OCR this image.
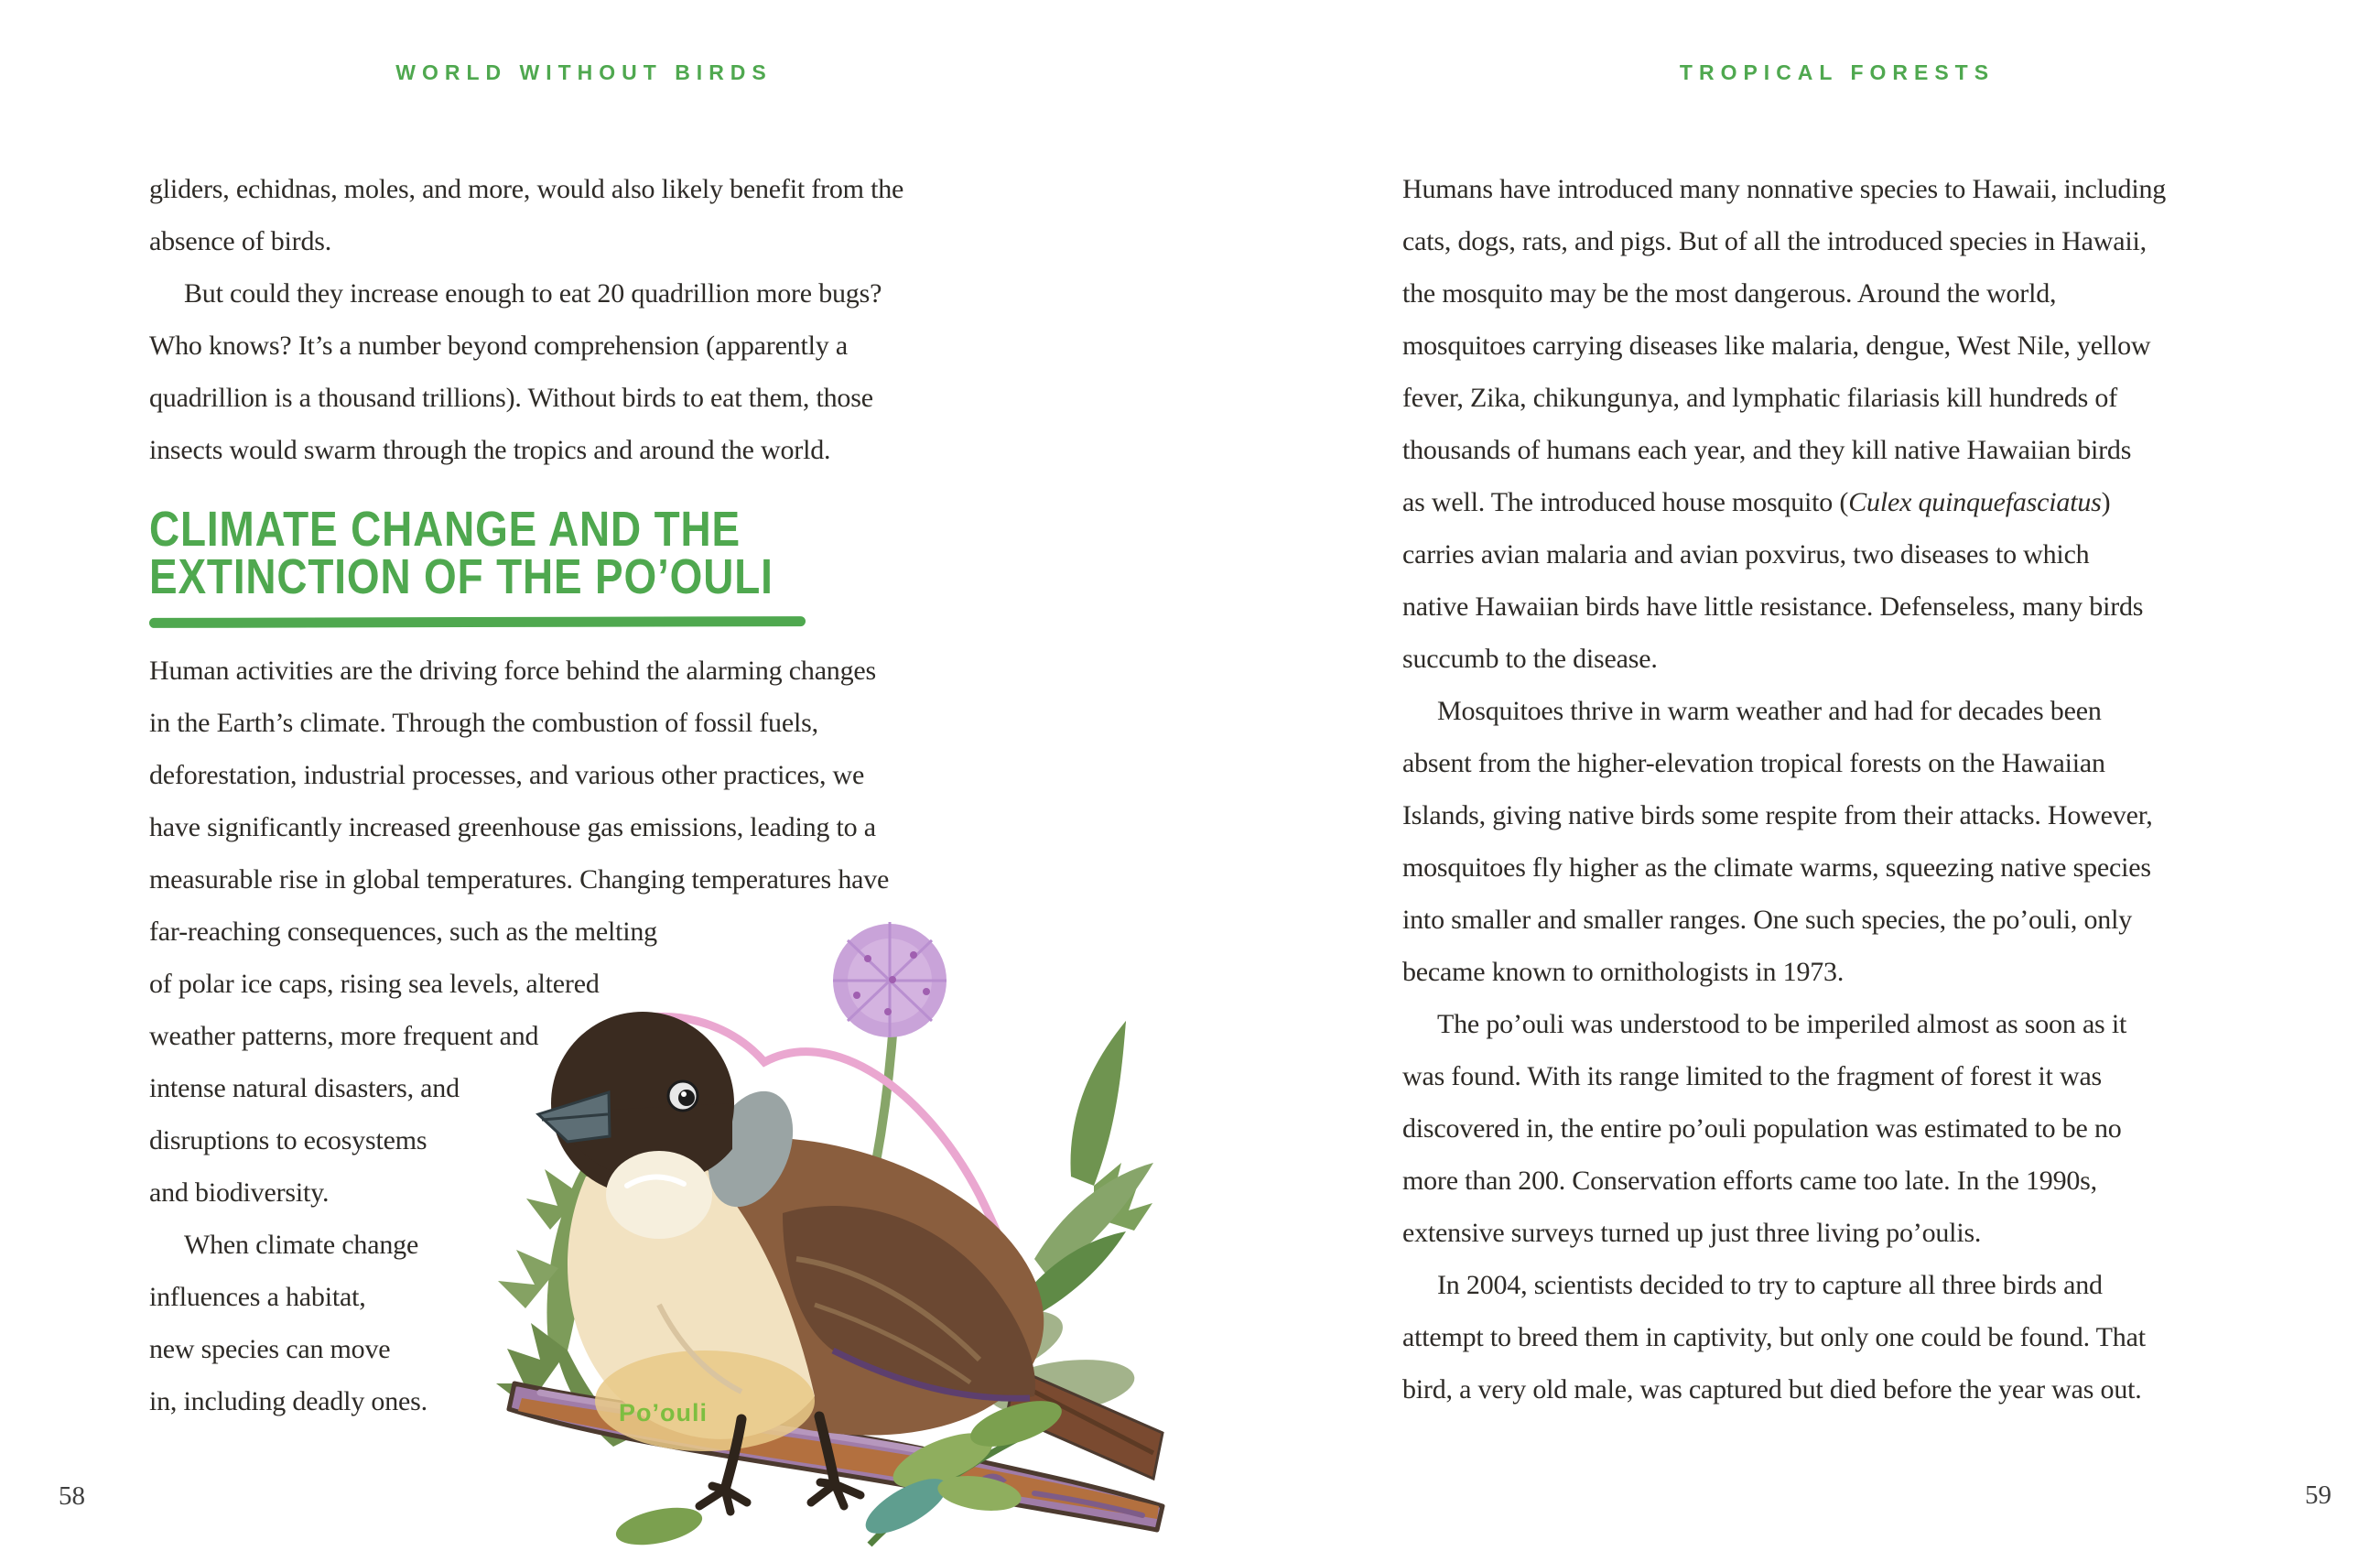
WORLD WITHOUT BIRDS	TROPICAL FORESTS
gliders, echidnas, moles, and more, would also likely benefit from the
absence of birds.
But could they increase enough to eat 20 quadrillion more bugs?
Who knows? It’s a number beyond comprehension (apparently a
quadrillion is a thousand trillions). Without birds to eat them, those
insects would swarm through the tropics and around the world.
CLIMATE CHANGE AND THE
EXTINCTION OF THE PO’OULI
Human activities are the driving force behind the alarming changes
in the Earth’s climate. Through the combustion of fossil fuels,
deforestation, industrial processes, and various other practices, we
have significantly increased greenhouse gas emissions, leading to a
measurable rise in global temperatures. Changing temperatures have
far-reaching consequences, such as the melting
of polar ice caps, rising sea levels, altered
weather patterns, more frequent and
intense natural disasters, and
disruptions to ecosystems
and biodiversity.
When climate change
influences a habitat,
new species can move
in, including deadly ones.
Humans have introduced many nonnative species to Hawaii, including
cats, dogs, rats, and pigs. But of all the introduced species in Hawaii,
the mosquito may be the most dangerous. Around the world,
mosquitoes carrying diseases like malaria, dengue, West Nile, yellow
fever, Zika, chikungunya, and lymphatic filariasis kill hundreds of
thousands of humans each year, and they kill native Hawaiian birds
as well. The introduced house mosquito (Culex quinquefasciatus)
carries avian malaria and avian poxvirus, two diseases to which
native Hawaiian birds have little resistance. Defenseless, many birds
succumb to the disease.
Mosquitoes thrive in warm weather and had for decades been
absent from the higher-elevation tropical forests on the Hawaiian
Islands, giving native birds some respite from their attacks. However,
mosquitoes fly higher as the climate warms, squeezing native species
into smaller and smaller ranges. One such species, the po’ouli, only
became known to ornithologists in 1973.
The po’ouli was understood to be imperiled almost as soon as it
was found. With its range limited to the fragment of forest it was
discovered in, the entire po’ouli population was estimated to be no
more than 200. Conservation efforts came too late. In the 1990s,
extensive surveys turned up just three living po’oulis.
In 2004, scientists decided to try to capture all three birds and
attempt to breed them in captivity, but only one could be found. That
bird, a very old male, was captured but died before the year was out.
Po’ouli
58	59
